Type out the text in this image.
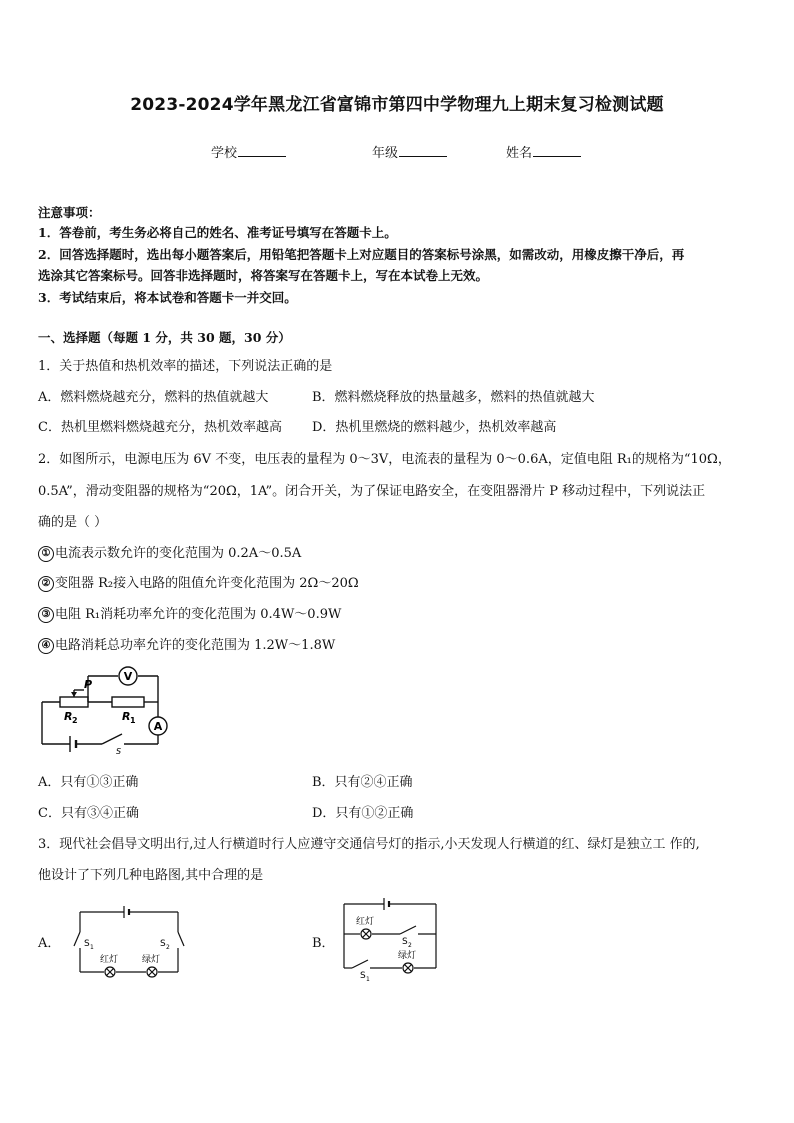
2023-2024学年黑龙江省富锦市第四中学物理九上期末复习检测试题
学校	年级	姓名
注意事项：
1．答卷前，考生务必将自己的姓名、准考证号填写在答题卡上。
2．回答选择题时，选出每小题答案后，用铅笔把答题卡上对应题目的答案标号涂黑，如需改动，用橡皮擦干净后，再
选涂其它答案标号。回答非选择题时，将答案写在答题卡上，写在本试卷上无效。
3．考试结束后，将本试卷和答题卡一并交回。
一、选择题（每题 1 分，共 30 题，30 分）
1．关于热值和热机效率的描述，下列说法正确的是
A．燃料燃烧越充分，燃料的热值就越大	B．燃料燃烧释放的热量越多，燃料的热值就越大
C．热机里燃料燃烧越充分，热机效率越高 D．热机里燃烧的燃料越少，热机效率越高
2．如图所示，电源电压为 6V 不变，电压表的量程为 0～3V，电流表的量程为 0～0.6A，定值电阻 R₁的规格为“10Ω，
0.5A”，滑动变阻器的规格为“20Ω，1A”。闭合开关，为了保证电路安全，在变阻器滑片 P 移动过程中，下列说法正
确的是（ ）
① 电流表示数允许的变化范围为 0.2A～0.5A
② 变阻器 R₂接入电路的阻值允许变化范围为 2Ω～20Ω
③ 电阻 R₁消耗功率允许的变化范围为 0.4W～0.9W
④ 电路消耗总功率允许的变化范围为 1.2W～1.8W
V
A
P
R 2	R 1
S
A．只有①③正确	B．只有②④正确
C．只有③④正确	D．只有①②正确
3．现代社会倡导文明出行,过人行横道时行人应遵守交通信号灯的指示,小天发现人行横道的红、绿灯是独立工 作的,
他设计了下列几种电路图,其中合理的是
A．	B．
S 1	S 2
红灯	绿灯
红灯
S 2
绿灯
S 1
